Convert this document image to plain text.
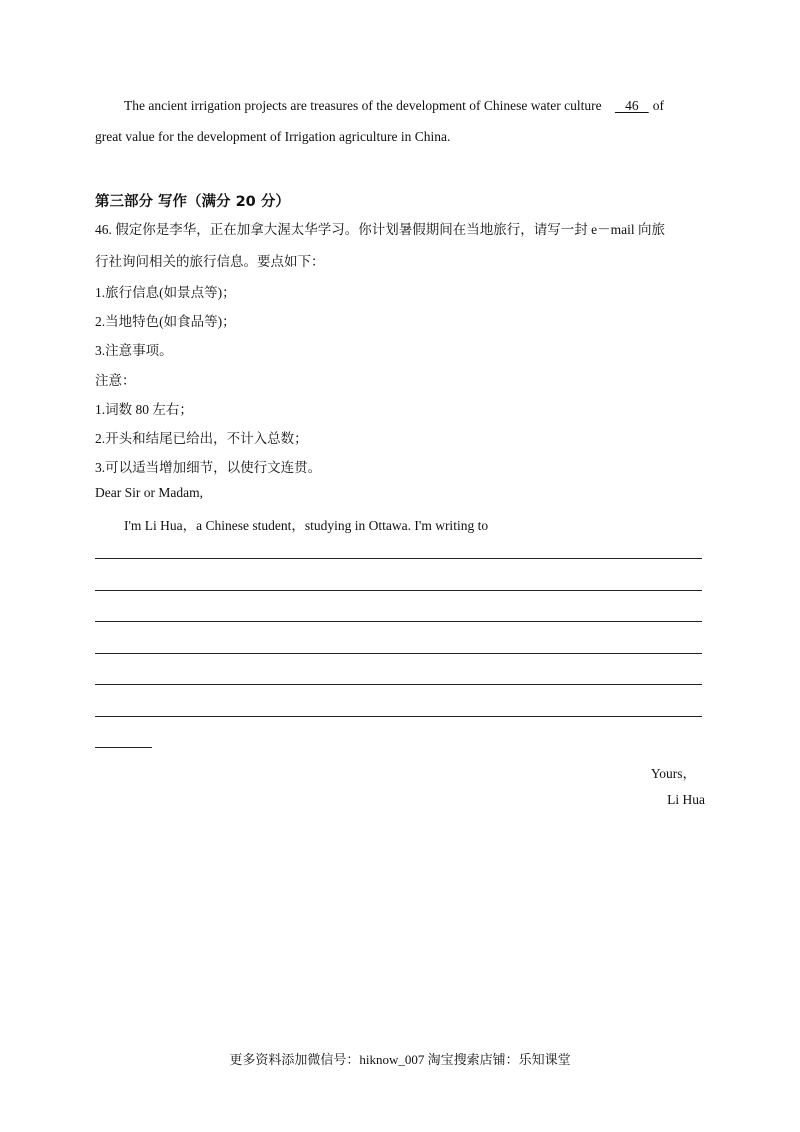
The ancient irrigation projects are treasures of the development of Chinese water culture 46 of
great value for the development of Irrigation agriculture in China.
第三部分 写作（满分 20 分）
46. 假定你是李华，正在加拿大渥太华学习。你计划暑假期间在当地旅行，请写一封 e－mail 向旅
行社询问相关的旅行信息。要点如下：
1.旅行信息(如景点等)；
2.当地特色(如食品等)；
3.注意事项。
注意：
1.词数 80 左右；
2.开头和结尾已给出，不计入总数；
3.可以适当增加细节，以使行文连贯。
Dear Sir or Madam,
I'm Li Hua，a Chinese student，studying in Ottawa. I'm writing to
Yours，
Li Hua
更多资料添加微信号：hiknow_007 淘宝搜索店铺：乐知课堂
